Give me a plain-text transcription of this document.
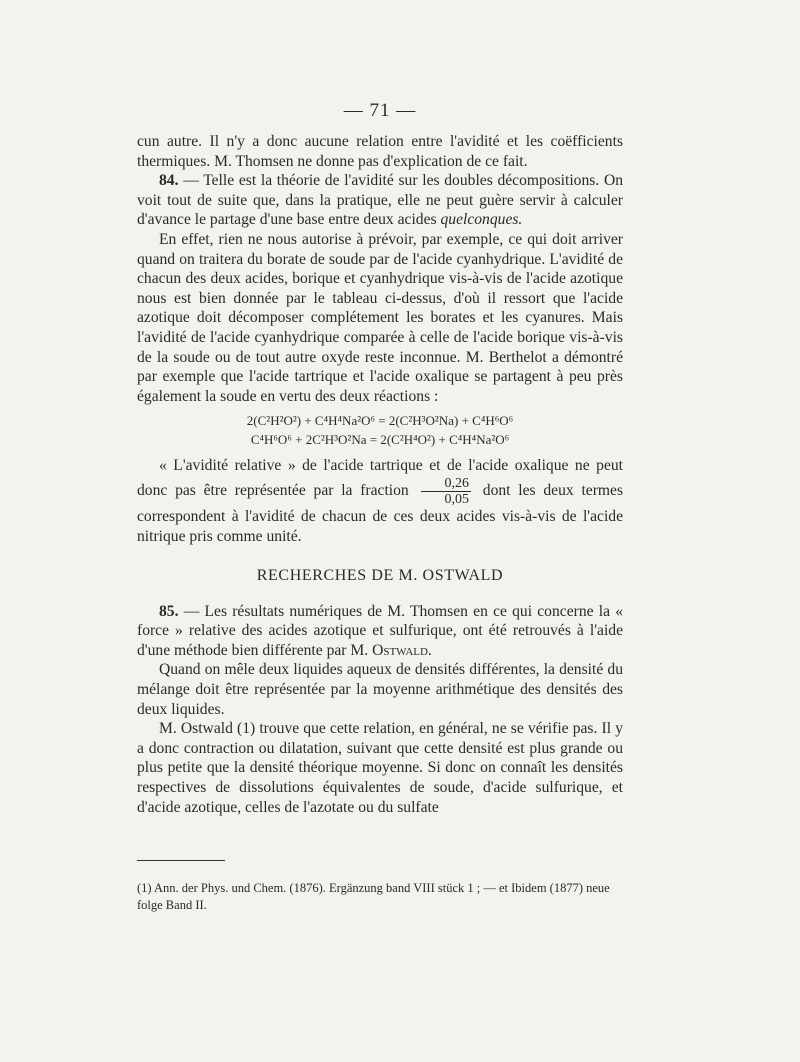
— 71 —

cun autre. Il n'y a donc aucune relation entre l'avidité et les coëfficients thermiques. M. Thomsen ne donne pas d'explication de ce fait.

84. — Telle est la théorie de l'avidité sur les doubles décompositions. On voit tout de suite que, dans la pratique, elle ne peut guère servir à calculer d'avance le partage d'une base entre deux acides quelconques.

En effet, rien ne nous autorise à prévoir, par exemple, ce qui doit arriver quand on traitera du borate de soude par de l'acide cyanhydrique. L'avidité de chacun des deux acides, borique et cyanhydrique vis-à-vis de l'acide azotique nous est bien donnée par le tableau ci-dessus, d'où il ressort que l'acide azotique doit décomposer complétement les borates et les cyanures. Mais l'avidité de l'acide cyanhydrique comparée à celle de l'acide borique vis-à-vis de la soude ou de tout autre oxyde reste inconnue. M. Berthelot a démontré par exemple que l'acide tartrique et l'acide oxalique se partagent à peu près également la soude en vertu des deux réactions :

2(C²H²O²) + C⁴H⁴Na²O⁶ = 2(C²H³O²Na) + C⁴H⁶O⁶
C⁴H⁶O⁶ + 2C²H³O²Na = 2(C²H⁴O²) + C⁴H⁴Na²O⁶

« L'avidité relative » de l'acide tartrique et de l'acide oxalique ne peut donc pas être représentée par la fraction $\frac{0,26}{0,05}$ dont les deux termes correspondent à l'avidité de chacun de ces deux acides vis-à-vis de l'acide nitrique pris comme unité.

RECHERCHES DE M. OSTWALD

85. — Les résultats numériques de M. Thomsen en ce qui concerne la « force » relative des acides azotique et sulfurique, ont été retrouvés à l'aide d'une méthode bien différente par M. Ostwald.

Quand on mêle deux liquides aqueux de densités différentes, la densité du mélange doit être représentée par la moyenne arithmétique des densités des deux liquides.

M. Ostwald (1) trouve que cette relation, en général, ne se vérifie pas. Il y a donc contraction ou dilatation, suivant que cette densité est plus grande ou plus petite que la densité théorique moyenne. Si donc on connaît les densités respectives de dissolutions équivalentes de soude, d'acide sulfurique, et d'acide azotique, celles de l'azotate ou du sulfate

(1) Ann. der Phys. und Chem. (1876). Ergänzung band VIII stück 1 ; — et Ibidem (1877) neue folge Band II.
